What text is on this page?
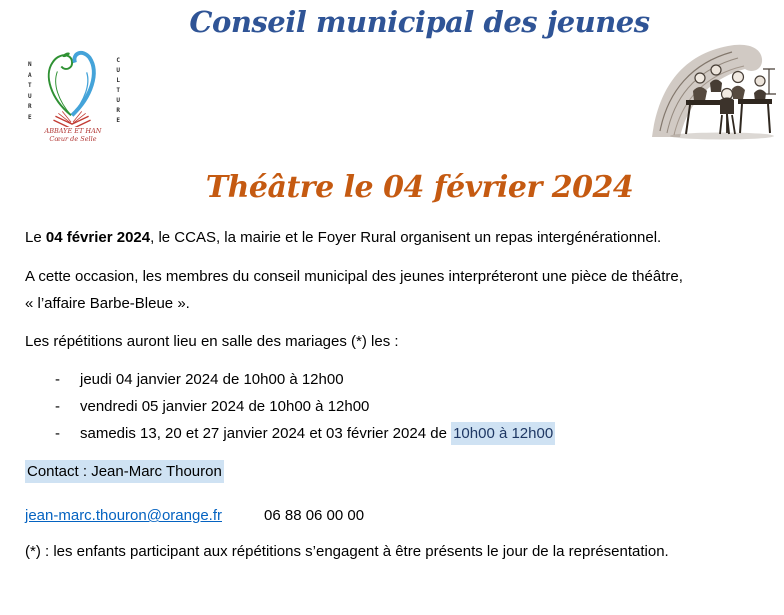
N
A
T
U
R
E
C
U
L
T
U
R
E
ABBAYE ET HAN
Cœur de Selle
Conseil municipal des jeunes
Théâtre le 04 février 2024

Le 04 février 2024, le CCAS, la mairie et le Foyer Rural organisent un repas intergénérationnel.

A cette occasion, les membres du conseil municipal des jeunes interpréteront une pièce de théâtre,
« l’affaire Barbe-Bleue ».

Les répétitions auront lieu en salle des mariages (*) les :

-	jeudi 04 janvier 2024 de 10h00 à 12h00
-	vendredi 05 janvier 2024 de 10h00 à 12h00
-	samedis 13, 20 et 27 janvier 2024 et 03 février 2024 de 10h00 à 12h00

Contact : Jean-Marc Thouron

jean-marc.thouron@orange.fr	06 88 06 00 00

(*) : les enfants participant aux répétitions s’engagent à être présents le jour de la représentation.
